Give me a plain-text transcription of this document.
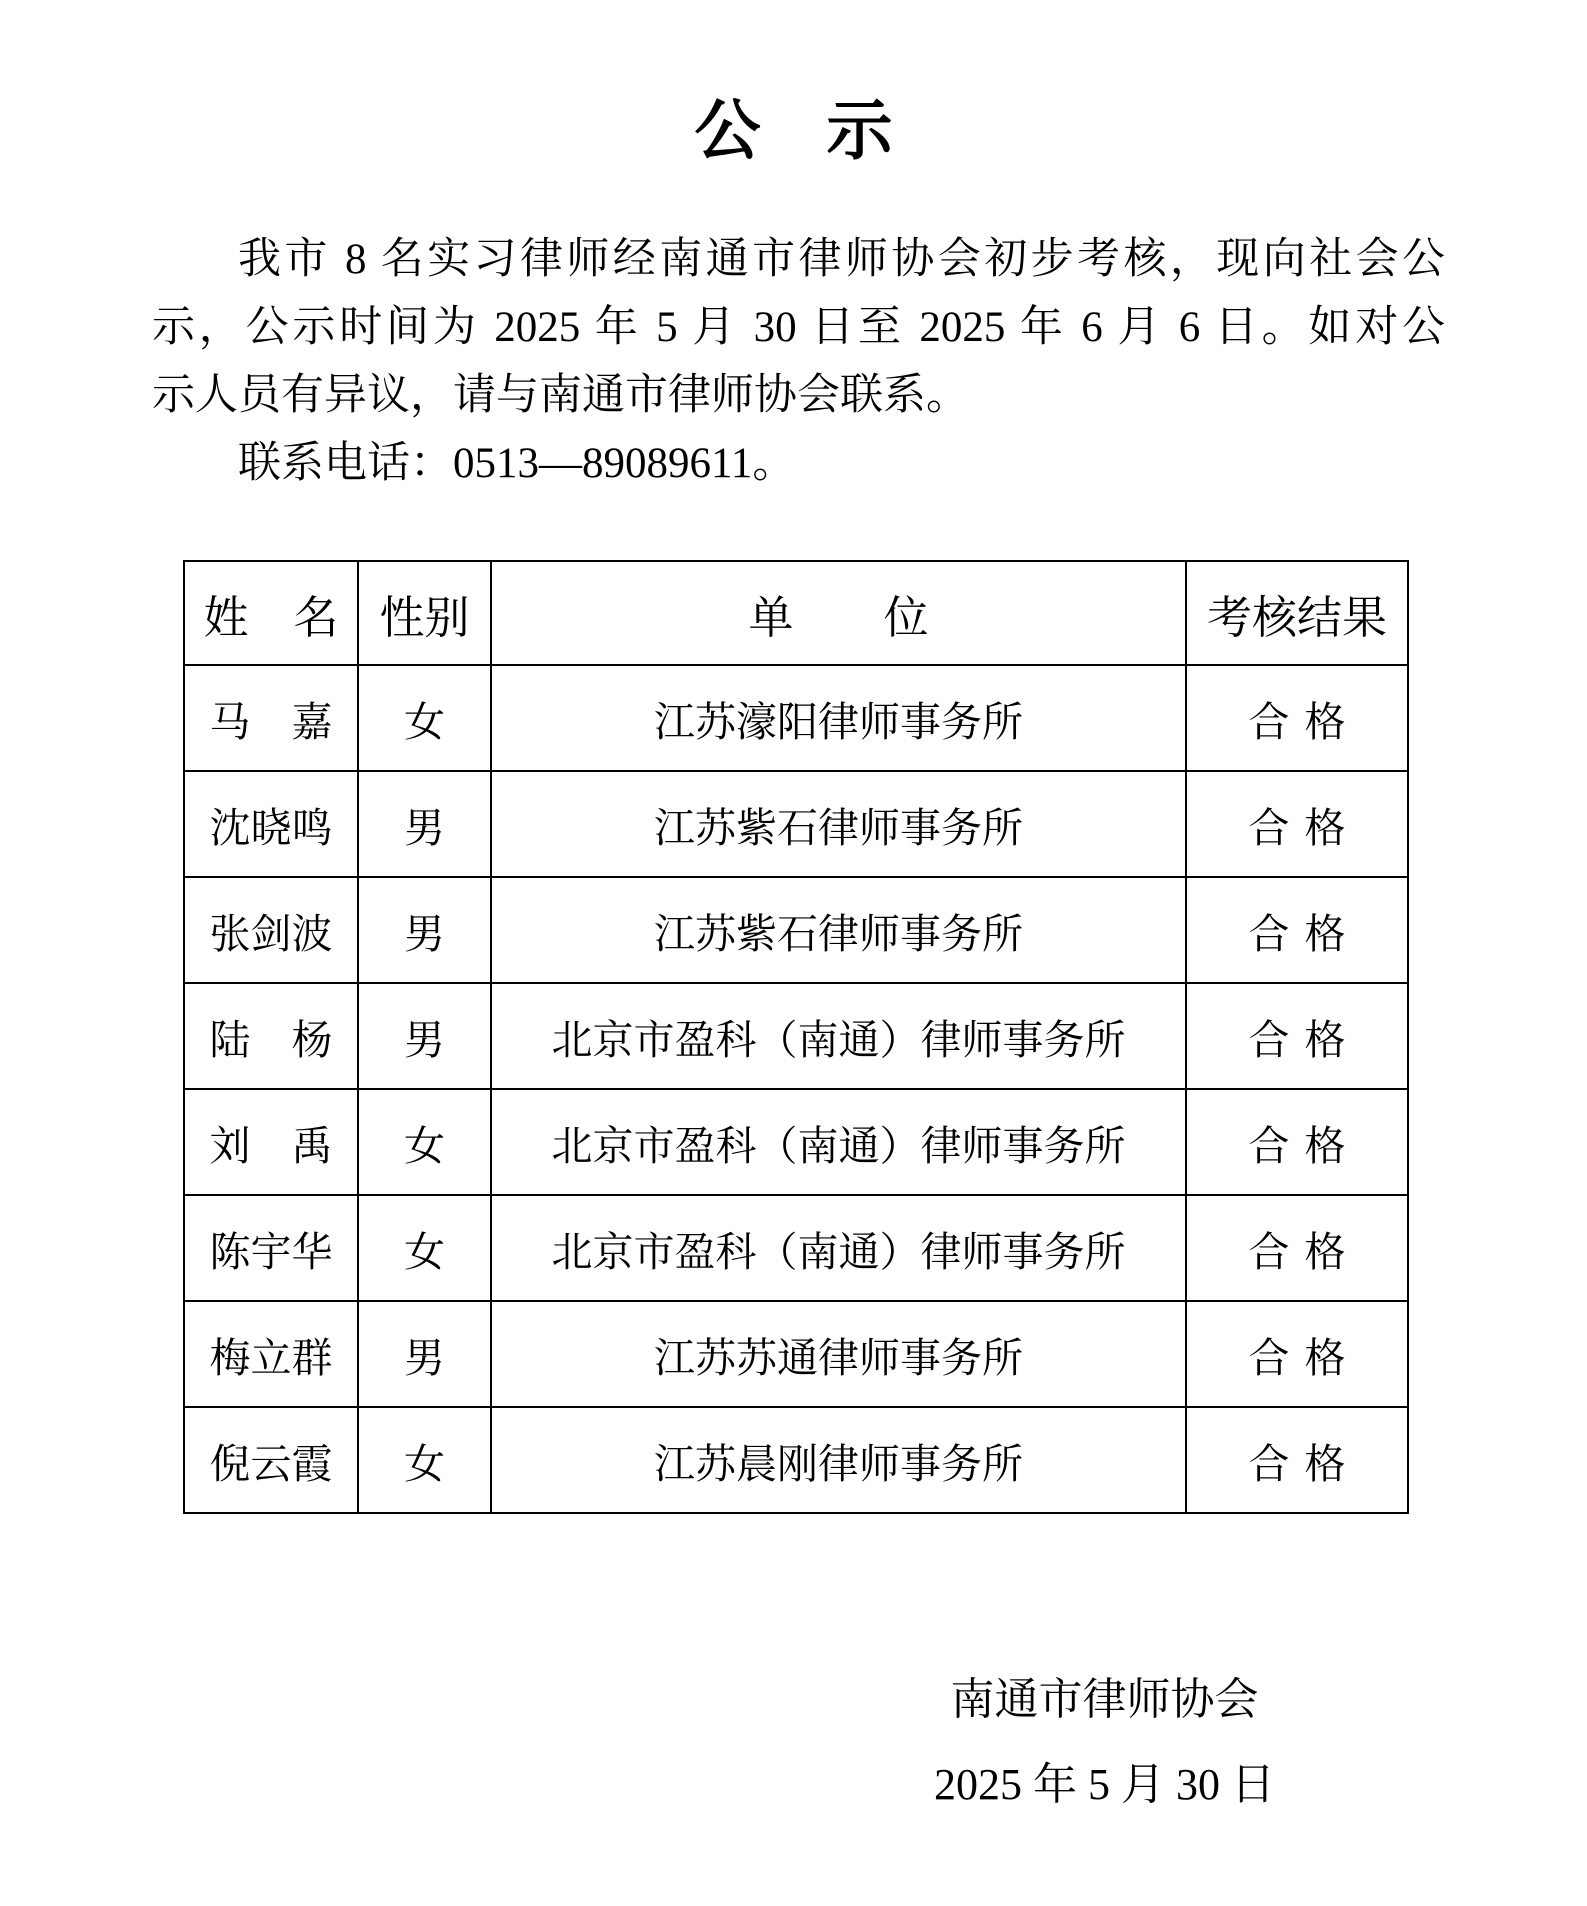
公　示
我市 8 名实习律师经南通市律师协会初步考核，现向社会公
示，公示时间为 2025 年 5 月 30 日至 2025 年 6 月 6 日。如对公
示人员有异议，请与南通市律师协会联系。
联系电话：0513—89089611。
姓　名	性别	单　　位	考核结果
马　嘉	女	江苏濠阳律师事务所	合格
沈晓鸣	男	江苏紫石律师事务所	合格
张剑波	男	江苏紫石律师事务所	合格
陆　杨	男	北京市盈科（南通）律师事务所	合格
刘　禹	女	北京市盈科（南通）律师事务所	合格
陈宇华	女	北京市盈科（南通）律师事务所	合格
梅立群	男	江苏苏通律师事务所	合格
倪云霞	女	江苏晨刚律师事务所	合格
南通市律师协会
2025 年 5 月 30 日
